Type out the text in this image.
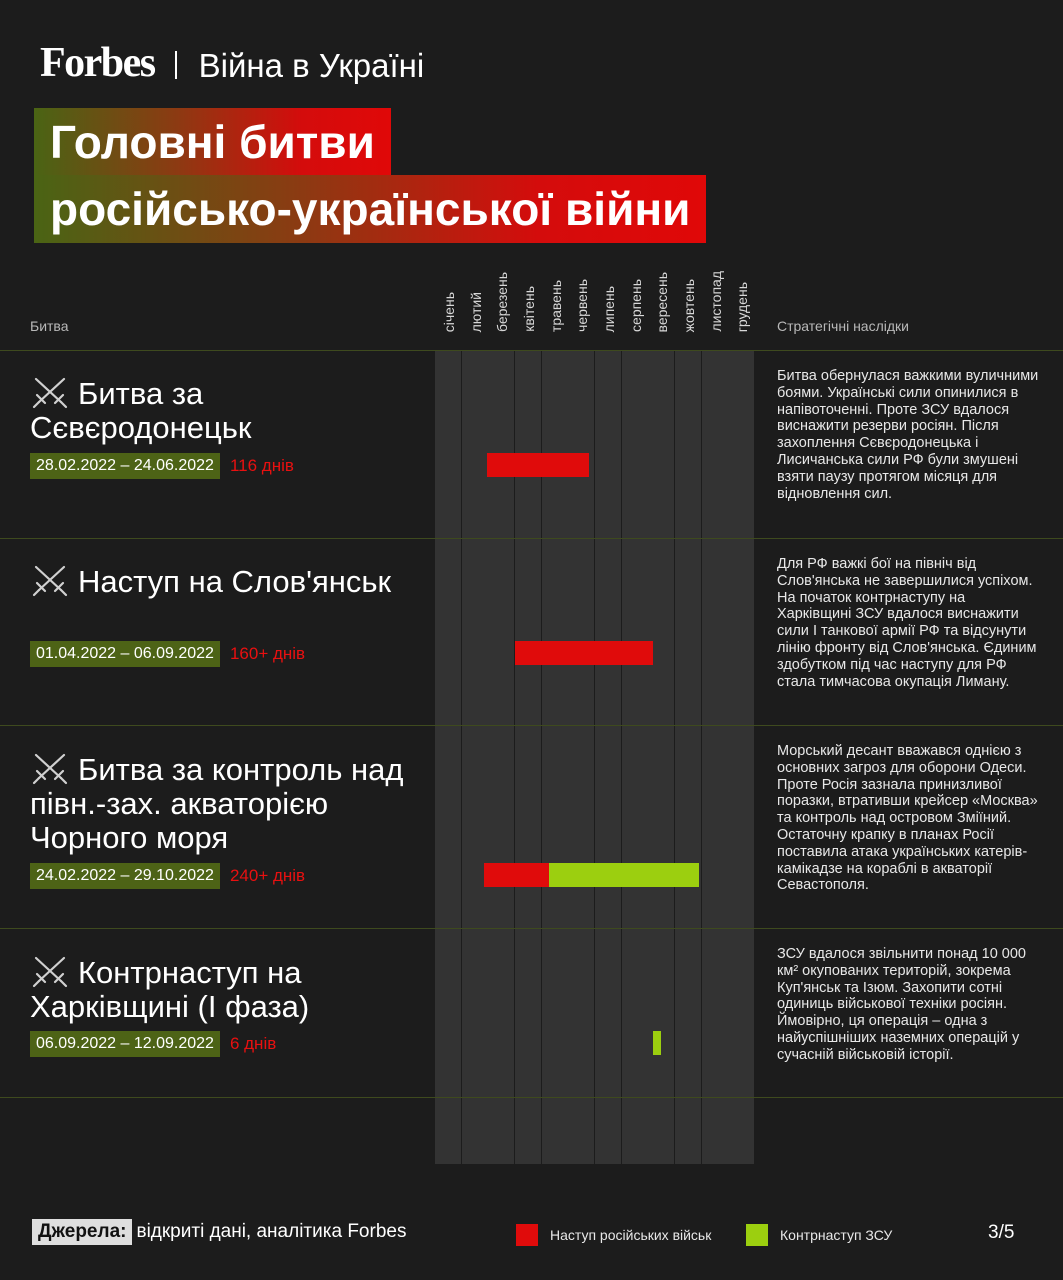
Forbes Війна в Україні
Головні битви
російсько-української війни
Битва	Стратегічні наслідки
січень лютий березень квітень травень червень липень серпень вересень жовтень листопад грудень
Битва за Сєвєродонецьк
28.02.2022 – 24.06.2022 116 днів
Битва обернулася важкими вуличними боями. Українські сили опинилися в напівоточенні. Проте ЗСУ вдалося виснажити резерви росіян. Після захоплення Сєвєродонецька і Лисичанська сили РФ були змушені взяти паузу протягом місяця для відновлення сил.
Наступ на Слов'янськ
01.04.2022 – 06.09.2022 160+ днів
Для РФ важкі бої на північ від Слов'янська не завершилися успіхом. На початок контрнаступу на Харківщині ЗСУ вдалося виснажити сили I танкової армії РФ та відсунути лінію фронту від Слов'янська. Єдиним здобутком під час наступу для РФ стала тимчасова окупація Лиману.
Битва за контроль над півн.-зах. акваторією Чорного моря
24.02.2022 – 29.10.2022 240+ днів
Морський десант вважався однією з основних загроз для оборони Одеси. Проте Росія зазнала принизливої поразки, втративши крейсер «Москва» та контроль над островом Зміїний. Остаточну крапку в планах Росії поставила атака українських катерів-камікадзе на кораблі в акваторії Севастополя.
Контрнаступ на Харківщині (I фаза)
06.09.2022 – 12.09.2022 6 днів
ЗСУ вдалося звільнити понад 10 000 км² окупованих територій, зокрема Куп'янськ та Ізюм. Захопити сотні одиниць військової техніки росіян. Ймовірно, ця операція – одна з найуспішніших наземних операцій у сучасній військовій історії.
Джерела: відкриті дані, аналітика Forbes	Наступ російських військ	Контрнаступ ЗСУ	3/5
